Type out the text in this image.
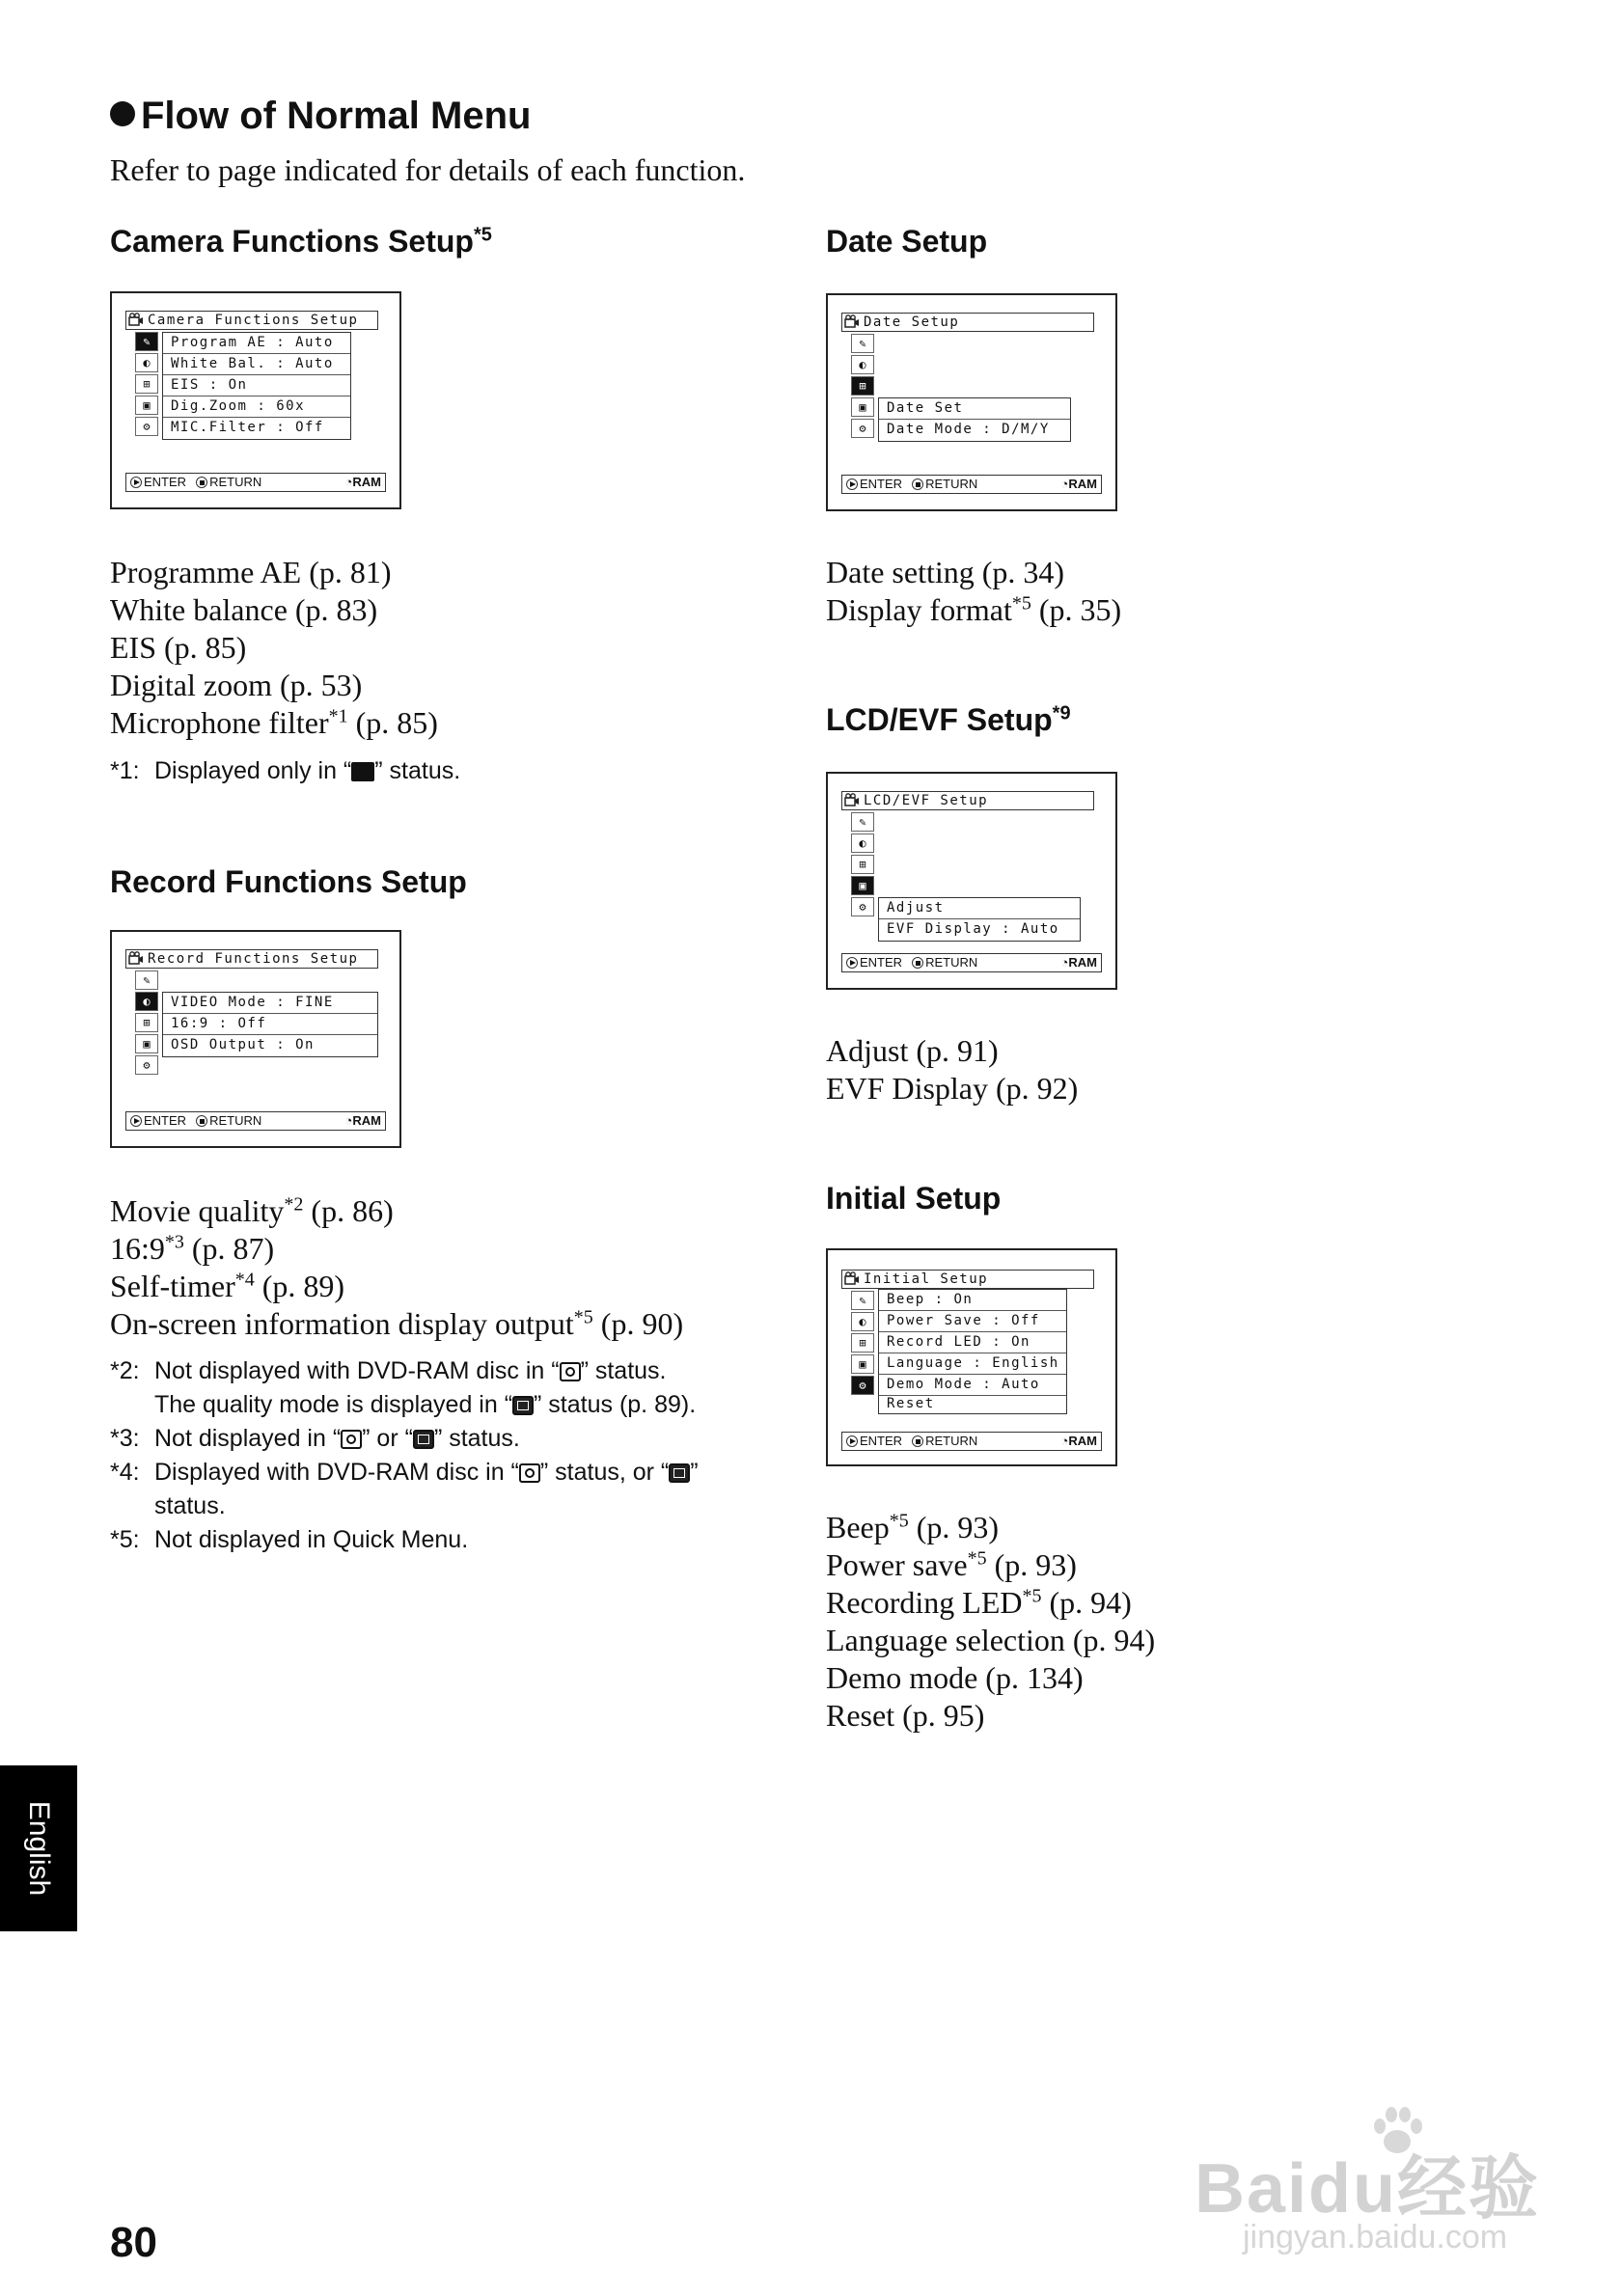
Flow of Normal Menu
Refer to page indicated for details of each function.
Camera Functions Setup$^{*5}$
Camera Functions Setup
✎
◐
⊞
▣
⚙
Program AE : Auto
White Bal. : Auto
EIS : On
Dig.Zoom : 60x
MIC.Filter : Off
ENTER RETURN	◔RAM
Programme AE (p. 81)
White balance (p. 83)
EIS (p. 85)
Digital zoom (p. 53)
Microphone filter$^{*1}$ (p. 85)
*1: Displayed only in “ ” status.
Record Functions Setup
Record Functions Setup
✎
◐
⊞
▣
⚙
VIDEO Mode : FINE
16:9 : Off
OSD Output : On
ENTER RETURN	◔RAM
Movie quality$^{*2}$ (p. 86)
16:9$^{*3}$ (p. 87)
Self-timer$^{*4}$ (p. 89)
On-screen information display output$^{*5}$ (p. 90)
*2: Not displayed with DVD-RAM disc in “ ” status.
The quality mode is displayed in “ ” status (p. 89).
*3: Not displayed in “ ” or “ ” status.
*4: Displayed with DVD-RAM disc in “ ” status, or “ ”
status.
*5: Not displayed in Quick Menu.
Date Setup
Date Setup
✎
◐
⊞
▣
⚙
Date Set
Date Mode : D/M/Y
ENTER RETURN	◔RAM
Date setting (p. 34)
Display format$^{*5}$ (p. 35)
LCD/EVF Setup$^{*9}$
LCD/EVF Setup
✎
◐
⊞
▣
⚙	Adjust
EVF Display : Auto
ENTER RETURN	◔RAM
Adjust (p. 91)
EVF Display (p. 92)
Initial Setup
Initial Setup
✎
◐
⊞
▣
⚙
Beep : On
Power Save : Off
Record LED : On
Language : English
Demo Mode : Auto
Reset
ENTER RETURN	◔RAM
Beep$^{*5}$ (p. 93)
Power save$^{*5}$ (p. 93)
Recording LED$^{*5}$ (p. 94)
Language selection (p. 94)
Demo mode (p. 134)
Reset (p. 95)
English
80
Baidu经验
jingyan.baidu.com
